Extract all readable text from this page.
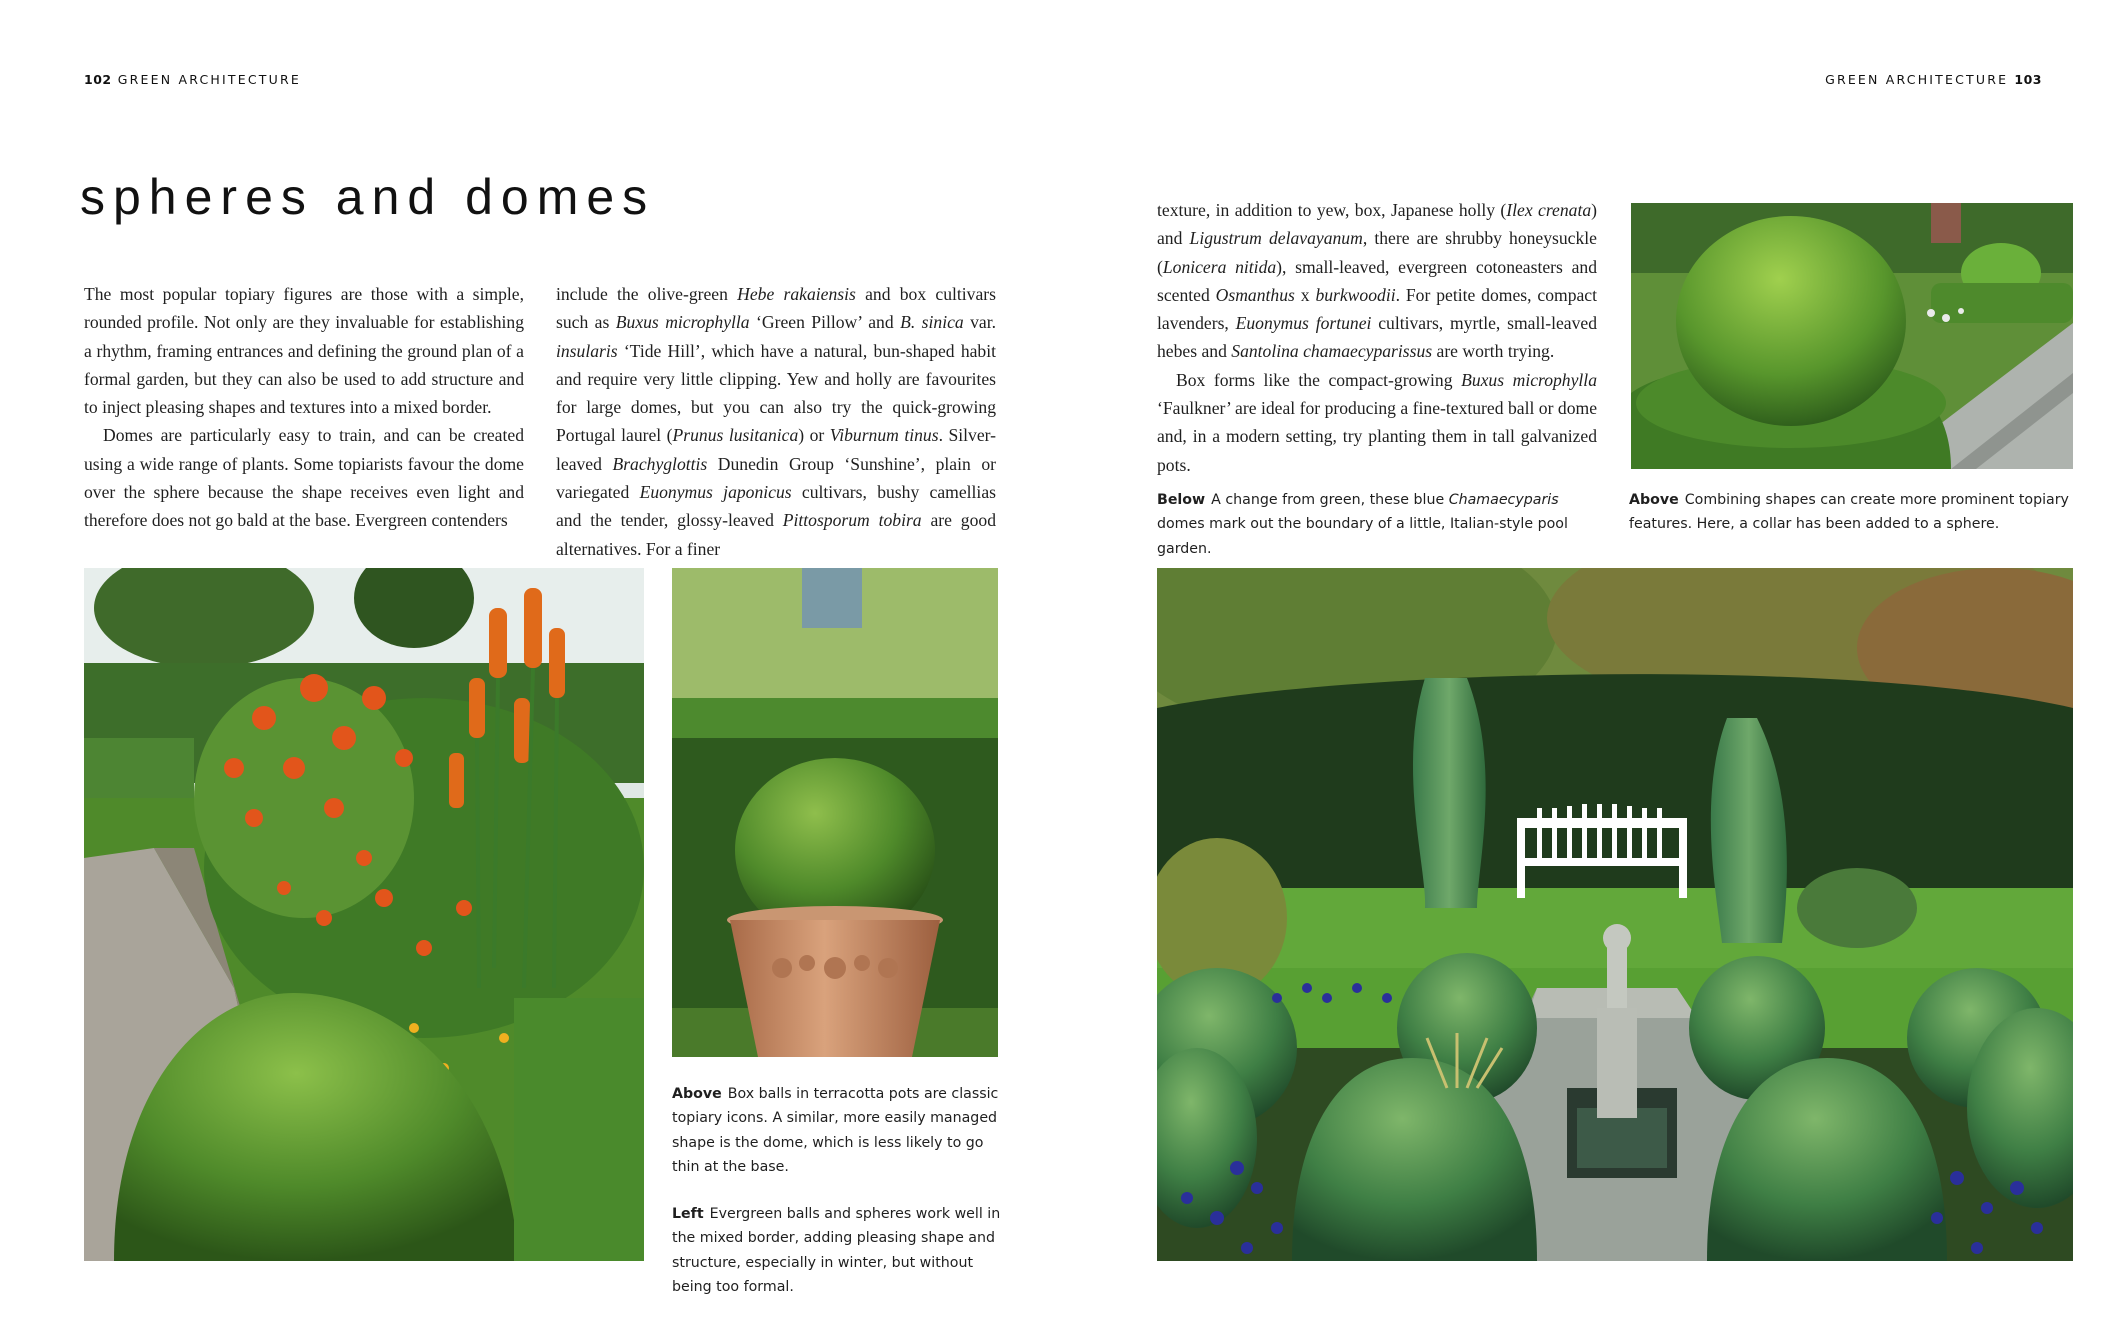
102 GREEN ARCHITECTURE	GREEN ARCHITECTURE 103
spheres and domes

The most popular topiary figures are those with a simple, rounded profile. Not only are they invaluable for establishing a rhythm, framing entrances and defining the ground plan of a formal garden, but they can also be used to add structure and to inject pleasing shapes and textures into a mixed border.

Domes are particularly easy to train, and can be created using a wide range of plants. Some topiarists favour the dome over the sphere because the shape receives even light and therefore does not go bald at the base. Evergreen contenders

include the olive-green Hebe rakaiensis and box cultivars such as Buxus microphylla ‘Green Pillow’ and B. sinica var. insularis ‘Tide Hill’, which have a natural, bun-shaped habit and require very little clipping. Yew and holly are favourites for large domes, but you can also try the quick-growing Portugal laurel (Prunus lusitanica) or Viburnum tinus. Silver-leaved Brachyglottis Dunedin Group ‘Sunshine’, plain or variegated Euonymus japonicus cultivars, bushy camellias and the tender, glossy-leaved Pittosporum tobira are good alternatives. For a finer

texture, in addition to yew, box, Japanese holly (Ilex crenata) and Ligustrum delavayanum, there are shrubby honeysuckle (Lonicera nitida), small-leaved, evergreen cotoneasters and scented Osmanthus x burkwoodii. For petite domes, compact lavenders, Euonymus fortunei cultivars, myrtle, small-leaved hebes and Santolina chamaecyparissus are worth trying.

Box forms like the compact-growing Buxus microphylla ‘Faulkner’ are ideal for producing a fine-textured ball or dome and, in a modern setting, try planting them in tall galvanized pots.

Below A change from green, these blue Chamaecyparis domes mark out the boundary of a little, Italian-style pool garden.

Above Combining shapes can create more prominent topiary features. Here, a collar has been added to a sphere.

Above Box balls in terracotta pots are classic topiary icons. A similar, more easily managed shape is the dome, which is less likely to go thin at the base.

Left Evergreen balls and spheres work well in the mixed border, adding pleasing shape and structure, especially in winter, but without being too formal.
